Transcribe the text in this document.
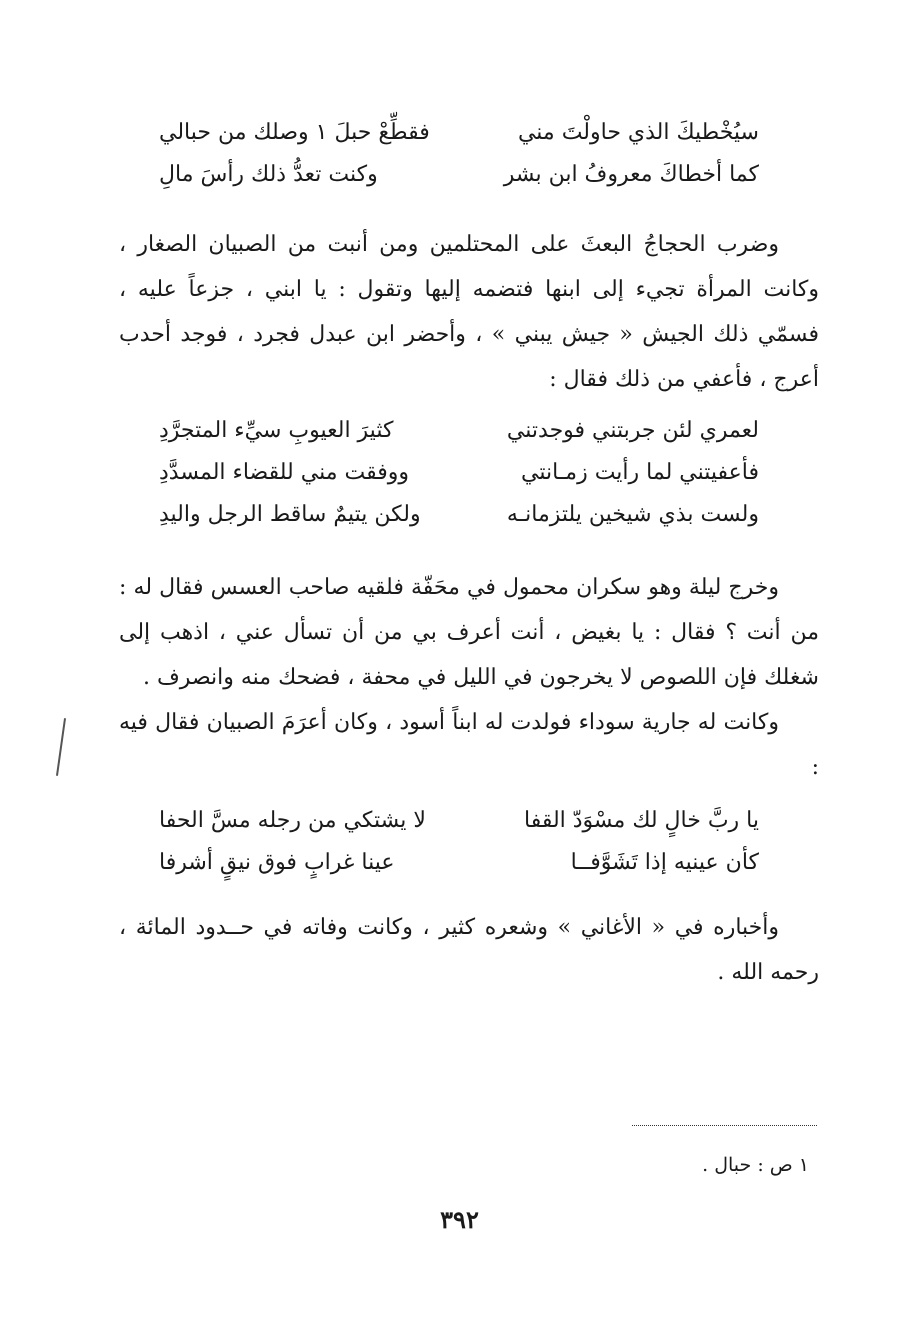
سيُخْطيكَ الذي حاولْتَ مني
فقطِّعْ حبلَ ١ وصلك من حبالي
كما أخطاكَ معروفُ ابن بشر
وكنت تعدُّ ذلك رأسَ مالِ

وضرب الحجاجُ البعثَ على المحتلمين ومن أنبت من الصبيان الصغار ، وكانت المرأة تجيء إلى ابنها فتضمه إليها وتقول : يا ابني ، جزعاً عليه ، فسمّي ذلك الجيش « جيش يبني » ، وأحضر ابن عبدل فجرد ، فوجد أحدب أعرج ، فأعفي من ذلك فقال :

لعمري لئن جربتني فوجدتني
كثيرَ العيوبِ سيِّء المتجرَّدِ
فأعفيتني لما رأيت زمـانتي
ووفقت مني للقضاء المسدَّدِ
ولست بذي شيخين يلتزمانـه
ولكن يتيمٌ ساقط الرجل واليدِ

وخرج ليلة وهو سكران محمول في محَفّة فلقيه صاحب العسس فقال له : من أنت ؟ فقال : يا بغيض ، أنت أعرف بي من أن تسأل عني ، اذهب إلى شغلك فإن اللصوص لا يخرجون في الليل في محفة ، فضحك منه وانصرف .

وكانت له جارية سوداء فولدت له ابناً أسود ، وكان أعرَمَ الصبيان فقال فيه :

يا ربَّ خالٍ لك مسْوَدّ القفا
لا يشتكي من رجله مسَّ الحفا
كأن عينيه إذا تَشَوَّفــا
عينا غرابٍ فوق نيقٍ أشرفا

وأخباره في « الأغاني » وشعره كثير ، وكانت وفاته في حــدود المائة ، رحمه الله .

١ ص : حبال .
٣٩٢
